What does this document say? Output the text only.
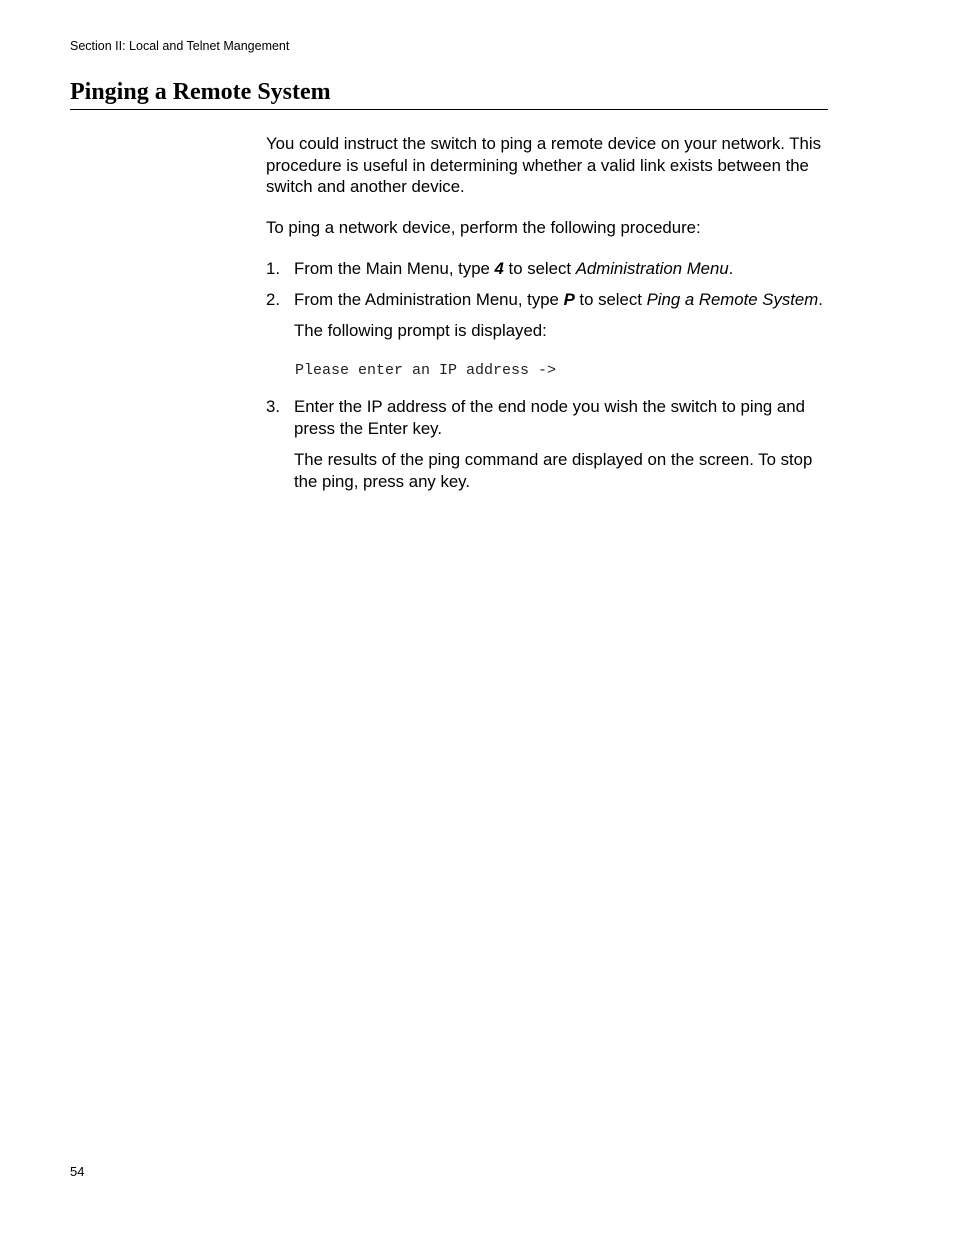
Section II: Local and Telnet Mangement
Pinging a Remote System

You could instruct the switch to ping a remote device on your network. This procedure is useful in determining whether a valid link exists between the switch and another device.

To ping a network device, perform the following procedure:

1. From the Main Menu, type 4 to select Administration Menu.
2. From the Administration Menu, type P to select Ping a Remote System.

The following prompt is displayed:

Please enter an IP address ->
3. Enter the IP address of the end node you wish the switch to ping and press the Enter key.

The results of the ping command are displayed on the screen. To stop the ping, press any key.

54
